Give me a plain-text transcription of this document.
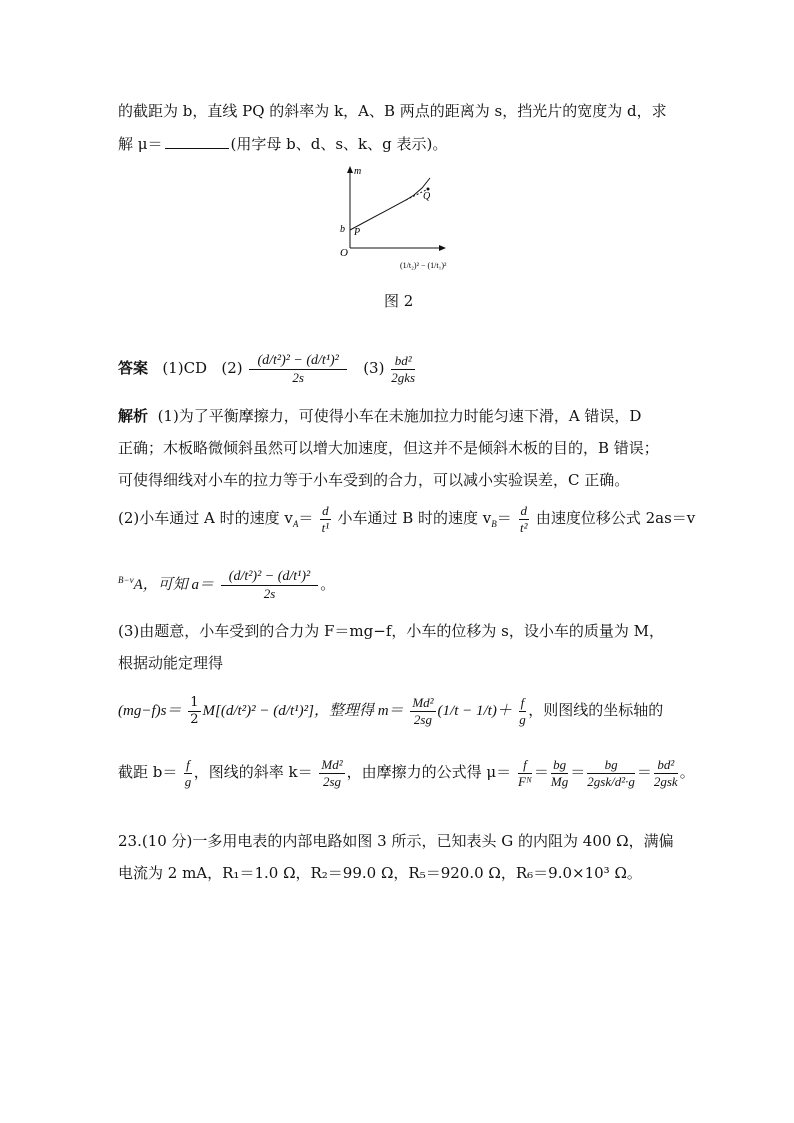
的截距为 b，直线 PQ 的斜率为 k，A、B 两点的距离为 s，挡光片的宽度为 d，求
解 μ＝	(用字母 b、d、s、k、g 表示)。
m
O
b P
Q
(1/t₂)² − (1/t₁)²
图 2
答案 (1)CD $(2) \frac{\text{(d/t²)² − (d/t¹)²}}{2s} (3) \frac{\text{bd²}}{\text{2gks}}$
解析 (1)为了平衡摩擦力，可使得小车在未施加拉力时能匀速下滑，A 错误，D
正确；木板略微倾斜虽然可以增大加速度，但这并不是倾斜木板的目的，B 错误；
可使得细线对小车的拉力等于小车受到的合力，可以减小实验误差，C 正确。
(2)小车通过 A 时的速度 $v_A= \frac{d}{\text{t¹}}$ 小车通过 B 时的速度 $v_B= \frac{d}{\text{t²}}$ 由速度位移公式 2as＝v
$^{B-v}$A，可知 $a= \frac{\text{(d/t²)² − (d/t¹)²}}{2s}$ 。
(3)由题意，小车受到的合力为 F＝mg−f，小车的位移为 s，设小车的质量为 M，
根据动能定理得
$(mg-f)s= \frac{1}{2} M[(d/t^2)^2 - (d/t^1)^2]$，整理得 $m= \frac{\text{Md²}}{2sg} (1/t - 1/t)+ \frac{f}{g}$ ，则图线的坐标轴的
截距 $b= \frac{f}{g}$ ，图线的斜率 $k= \frac{\text{Md²}}{2sg}$ ，由摩擦力的公式得 $\mu= \frac{f}{\text{Fᴺ}} = \frac{bg}{Mg} = \frac{bg}{\text{2gsk/d²·g}} = \frac{\text{bd²}}{\text{2gsk}}$ 。
23.(10 分)一多用电表的内部电路如图 3 所示，已知表头 G 的内阻为 400 Ω，满偏
电流为 2 mA，R₁＝1.0 Ω，R₂＝99.0 Ω，R₅＝920.0 Ω，R₆＝9.0×10³ Ω。
